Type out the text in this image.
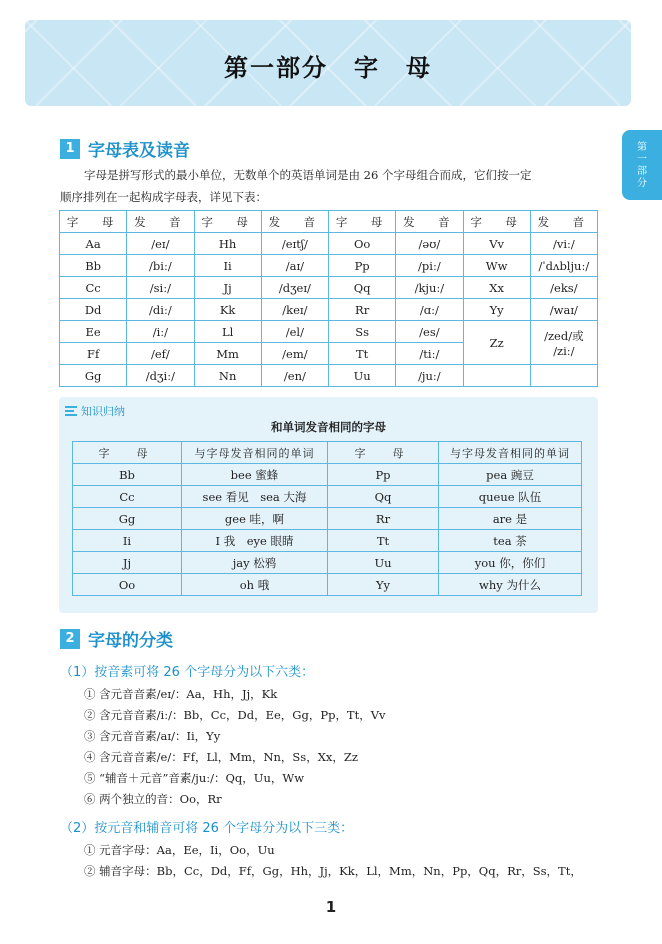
第一部分　字　母
第
一
部
分
1 字母表及读音
字母是拼写形式的最小单位，无数单个的英语单词是由 26 个字母组合而成，它们按一定
顺序排列在一起构成字母表，详见下表：
字　母	发　音	字　母	发　音	字　母	发　音	字　母	发　音
Aa	/eɪ/	Hh	/eɪtʃ/	Oo	/əʊ/	Vv	/viː/
Bb	/biː/	Ii	/aɪ/	Pp	/piː/	Ww	/ˈdʌbljuː/
Cc	/siː/	Jj	/dʒeɪ/	Qq	/kjuː/	Xx	/eks/
Dd	/diː/	Kk	/keɪ/	Rr	/ɑː/	Yy	/waɪ/
Ee	/iː/	Ll	/el/	Ss	/es/	Zz	/zed/或
/ziː/

Ff	/ef/	Mm	/em/	Tt	/tiː/		
Gg	/dʒiː/	Nn	/en/	Uu	/juː/		
知识归纳
和单词发音相同的字母
字　母	与字母发音相同的单词	字　母	与字母发音相同的单词
Bb	bee 蜜蜂	Pp	pea 豌豆
Cc	see 看见　sea 大海	Qq	queue 队伍
Gg	gee 哇，啊	Rr	are 是
Ii	I 我　eye 眼睛	Tt	tea 茶
Jj	jay 松鸦	Uu	you 你，你们
Oo	oh 哦	Yy	why 为什么
2 字母的分类
（1）按音素可将 26 个字母分为以下六类：
① 含元音音素/eɪ/：Aa，Hh，Jj，Kk
② 含元音音素/iː/：Bb，Cc，Dd，Ee，Gg，Pp，Tt，Vv
③ 含元音音素/aɪ/：Ii，Yy
④ 含元音音素/e/：Ff，Ll，Mm，Nn，Ss，Xx，Zz
⑤ “辅音＋元音”音素/juː/：Qq，Uu，Ww
⑥ 两个独立的音：Oo，Rr
（2）按元音和辅音可将 26 个字母分为以下三类：
① 元音字母：Aa，Ee，Ii，Oo，Uu
② 辅音字母：Bb，Cc，Dd，Ff，Gg，Hh，Jj，Kk，Ll，Mm，Nn，Pp，Qq，Rr，Ss，Tt，
1
